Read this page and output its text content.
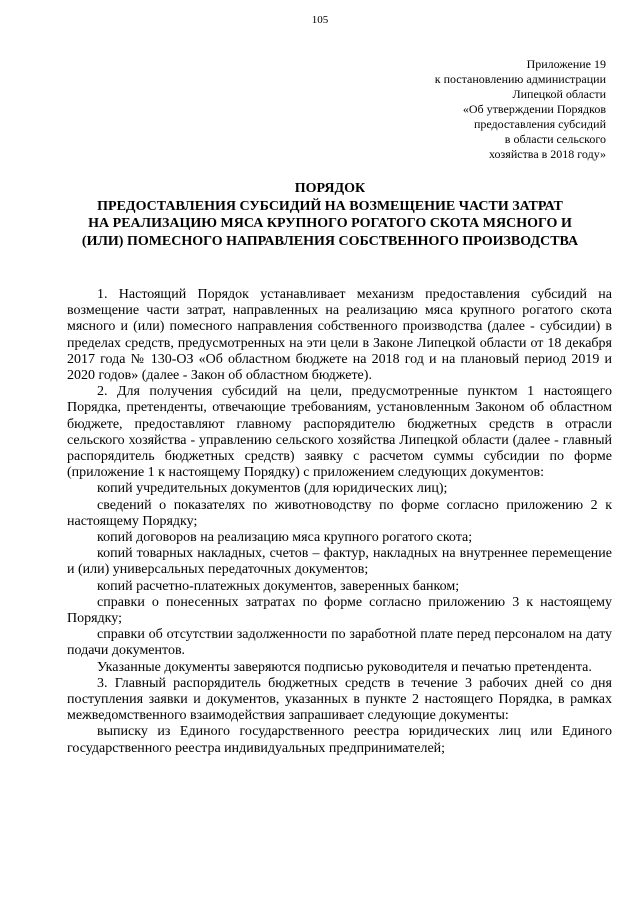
105
Приложение 19
к постановлению администрации
Липецкой области
«Об утверждении Порядков
предоставления субсидий
в области сельского
хозяйства в 2018 году»
ПОРЯДОК
ПРЕДОСТАВЛЕНИЯ СУБСИДИЙ НА ВОЗМЕЩЕНИЕ ЧАСТИ ЗАТРАТ
НА РЕАЛИЗАЦИЮ МЯСА КРУПНОГО РОГАТОГО СКОТА МЯСНОГО И
(ИЛИ) ПОМЕСНОГО НАПРАВЛЕНИЯ СОБСТВЕННОГО ПРОИЗВОДСТВА

1. Настоящий Порядок устанавливает механизм предоставления субсидий на возмещение части затрат, направленных на реализацию мяса крупного рогатого скота мясного и (или) помесного направления собственного производства (далее - субсидии) в пределах средств, предусмотренных на эти цели в Законе Липецкой области от 18 декабря 2017 года № 130-ОЗ «Об областном бюджете на 2018 год и на плановый период 2019 и 2020 годов» (далее - Закон об областном бюджете).

2. Для получения субсидий на цели, предусмотренные пунктом 1 настоящего Порядка, претенденты, отвечающие требованиям, установленным Законом об областном бюджете, предоставляют главному распорядителю бюджетных средств в отрасли сельского хозяйства - управлению сельского хозяйства Липецкой области (далее - главный распорядитель бюджетных средств) заявку с расчетом суммы субсидии по форме (приложение 1 к настоящему Порядку) с приложением следующих документов:

копий учредительных документов (для юридических лиц);

сведений о показателях по животноводству по форме согласно приложению 2 к настоящему Порядку;

копий договоров на реализацию мяса крупного рогатого скота;

копий товарных накладных, счетов – фактур, накладных на внутреннее перемещение и (или) универсальных передаточных документов;

копий расчетно-платежных документов, заверенных банком;

справки о понесенных затратах по форме согласно приложению 3 к настоящему Порядку;

справки об отсутствии задолженности по заработной плате перед персоналом на дату подачи документов.

Указанные документы заверяются подписью руководителя и печатью претендента.

3. Главный распорядитель бюджетных средств в течение 3 рабочих дней со дня поступления заявки и документов, указанных в пункте 2 настоящего Порядка, в рамках межведомственного взаимодействия запрашивает следующие документы:

выписку из Единого государственного реестра юридических лиц или Единого государственного реестра индивидуальных предпринимателей;
